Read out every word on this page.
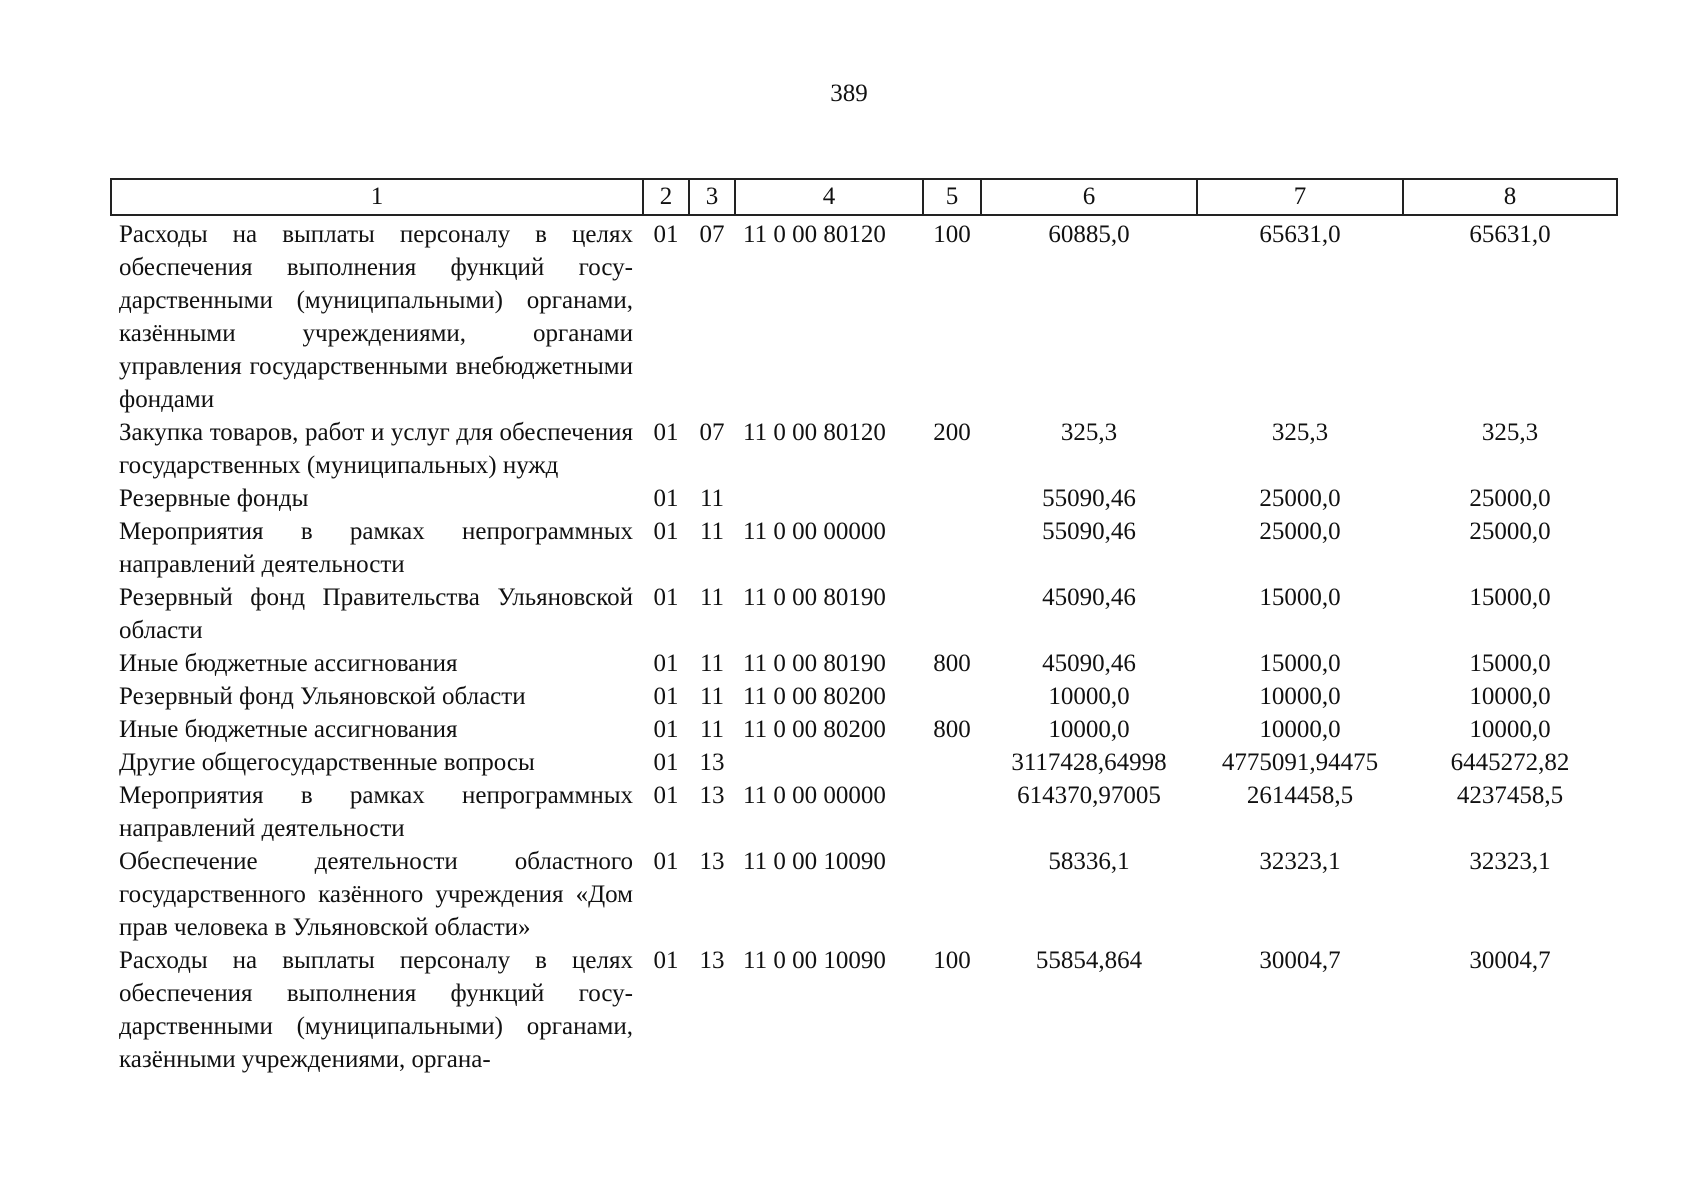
389
1	2	3	4	5	6	7	8
Расходы на выплаты персоналу в целях обеспечения выполнения функций государственными (муниципальными) органами, казёнными учреждениями, органами управления государственными внебюджетными фондами	01	07	11 0 00 80120	100	60885,0	65631,0	65631,0
Закупка товаров, работ и услуг для обеспечения государственных (муниципальных) нужд	01	07	11 0 00 80120	200	325,3	325,3	325,3
Резервные фонды	01	11			55090,46	25000,0	25000,0
Мероприятия в рамках непрограммных направлений деятельности	01	11	11 0 00 00000		55090,46	25000,0	25000,0
Резервный фонд Правительства Ульяновской области	01	11	11 0 00 80190		45090,46	15000,0	15000,0
Иные бюджетные ассигнования	01	11	11 0 00 80190	800	45090,46	15000,0	15000,0
Резервный фонд Ульяновской области	01	11	11 0 00 80200		10000,0	10000,0	10000,0
Иные бюджетные ассигнования	01	11	11 0 00 80200	800	10000,0	10000,0	10000,0
Другие общегосударственные вопросы	01	13			3117428,64998	4775091,94475	6445272,82
Мероприятия в рамках непрограммных направлений деятельности	01	13	11 0 00 00000		614370,97005	2614458,5	4237458,5
Обеспечение деятельности областного государственного казённого учреждения «Дом прав человека в Ульяновской области»	01	13	11 0 00 10090		58336,1	32323,1	32323,1
Расходы на выплаты персоналу в целях обеспечения выполнения функций государственными (муниципальными) органами, казёнными учреждениями, органа-	01	13	11 0 00 10090	100	55854,864	30004,7	30004,7
